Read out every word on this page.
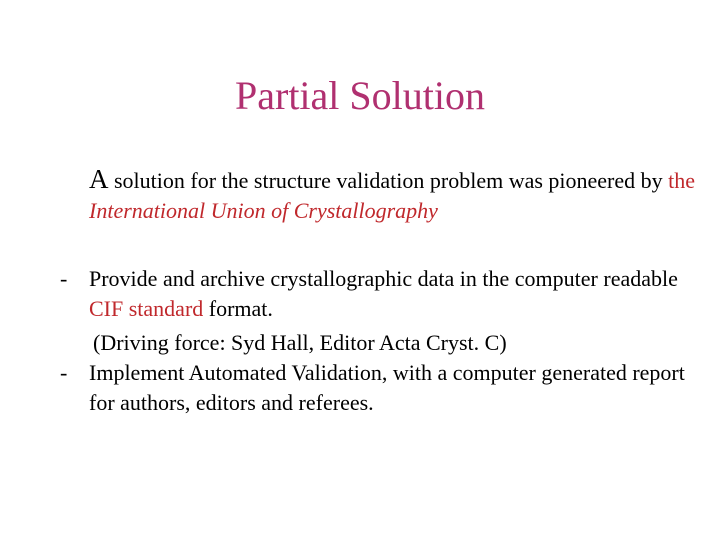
Partial Solution
A solution for the structure validation problem was pioneered by the International Union of Crystallography
- Provide and archive crystallographic data in the computer readable CIF standard format.
(Driving force: Syd Hall, Editor Acta Cryst. C)
- Implement Automated Validation, with a computer generated report for authors, editors and referees.
